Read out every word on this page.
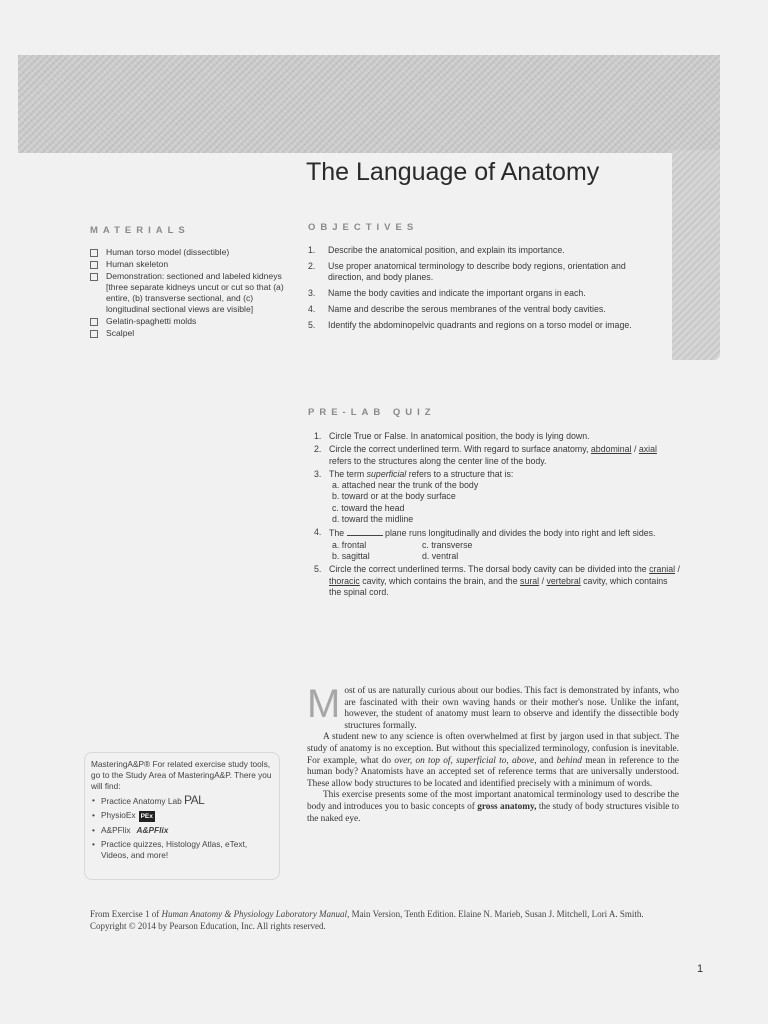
The Language of Anatomy
MATERIALS
Human torso model (dissectible)
Human skeleton
Demonstration: sectioned and labeled kidneys [three separate kidneys uncut or cut so that (a) entire, (b) transverse sectional, and (c) longitudinal sectional views are visible]
Gelatin-spaghetti molds
Scalpel
OBJECTIVES
1. Describe the anatomical position, and explain its importance.
2. Use proper anatomical terminology to describe body regions, orientation and direction, and body planes.
3. Name the body cavities and indicate the important organs in each.
4. Name and describe the serous membranes of the ventral body cavities.
5. Identify the abdominopelvic quadrants and regions on a torso model or image.
PRE-LAB QUIZ
1. Circle True or False. In anatomical position, the body is lying down.
2. Circle the correct underlined term. With regard to surface anatomy, abdominal / axial refers to the structures along the center line of the body.
3. The term superficial refers to a structure that is:
a. attached near the trunk of the body
b. toward or at the body surface
c. toward the head
d. toward the midline
4. The	plane runs longitudinally and divides the body into right and left sides.
a. frontal	c. transverse
b. sagittal	d. ventral
5. Circle the correct underlined terms. The dorsal body cavity can be divided into the cranial / thoracic cavity, which contains the brain, and the sural / vertebral cavity, which contains the spinal cord.

Most of us are naturally curious about our bodies. This fact is demonstrated by infants, who are fascinated with their own waving hands or their mother's nose. Unlike the infant, however, the student of anatomy must learn to observe and identify the dissectible body structures formally.

A student new to any science is often overwhelmed at first by jargon used in that subject. The study of anatomy is no exception. But without this specialized terminology, confusion is inevitable. For example, what do over, on top of, superficial to, above, and behind mean in reference to the human body? Anatomists have an accepted set of reference terms that are universally understood. These allow body structures to be located and identified precisely with a minimum of words.

This exercise presents some of the most important anatomical terminology used to describe the body and introduces you to basic concepts of gross anatomy, the study of body structures visible to the naked eye.

MasteringA&P® For related exercise study tools, go to the Study Area of MasteringA&P. There you will find:
• Practice Anatomy Lab PAL
• PhysioEx PEx
• A&PFlix A&PFlix
• Practice quizzes, Histology Atlas, eText, Videos, and more!
From Exercise 1 of Human Anatomy & Physiology Laboratory Manual, Main Version, Tenth Edition. Elaine N. Marieb, Susan J. Mitchell, Lori A. Smith. Copyright © 2014 by Pearson Education, Inc. All rights reserved.
1
